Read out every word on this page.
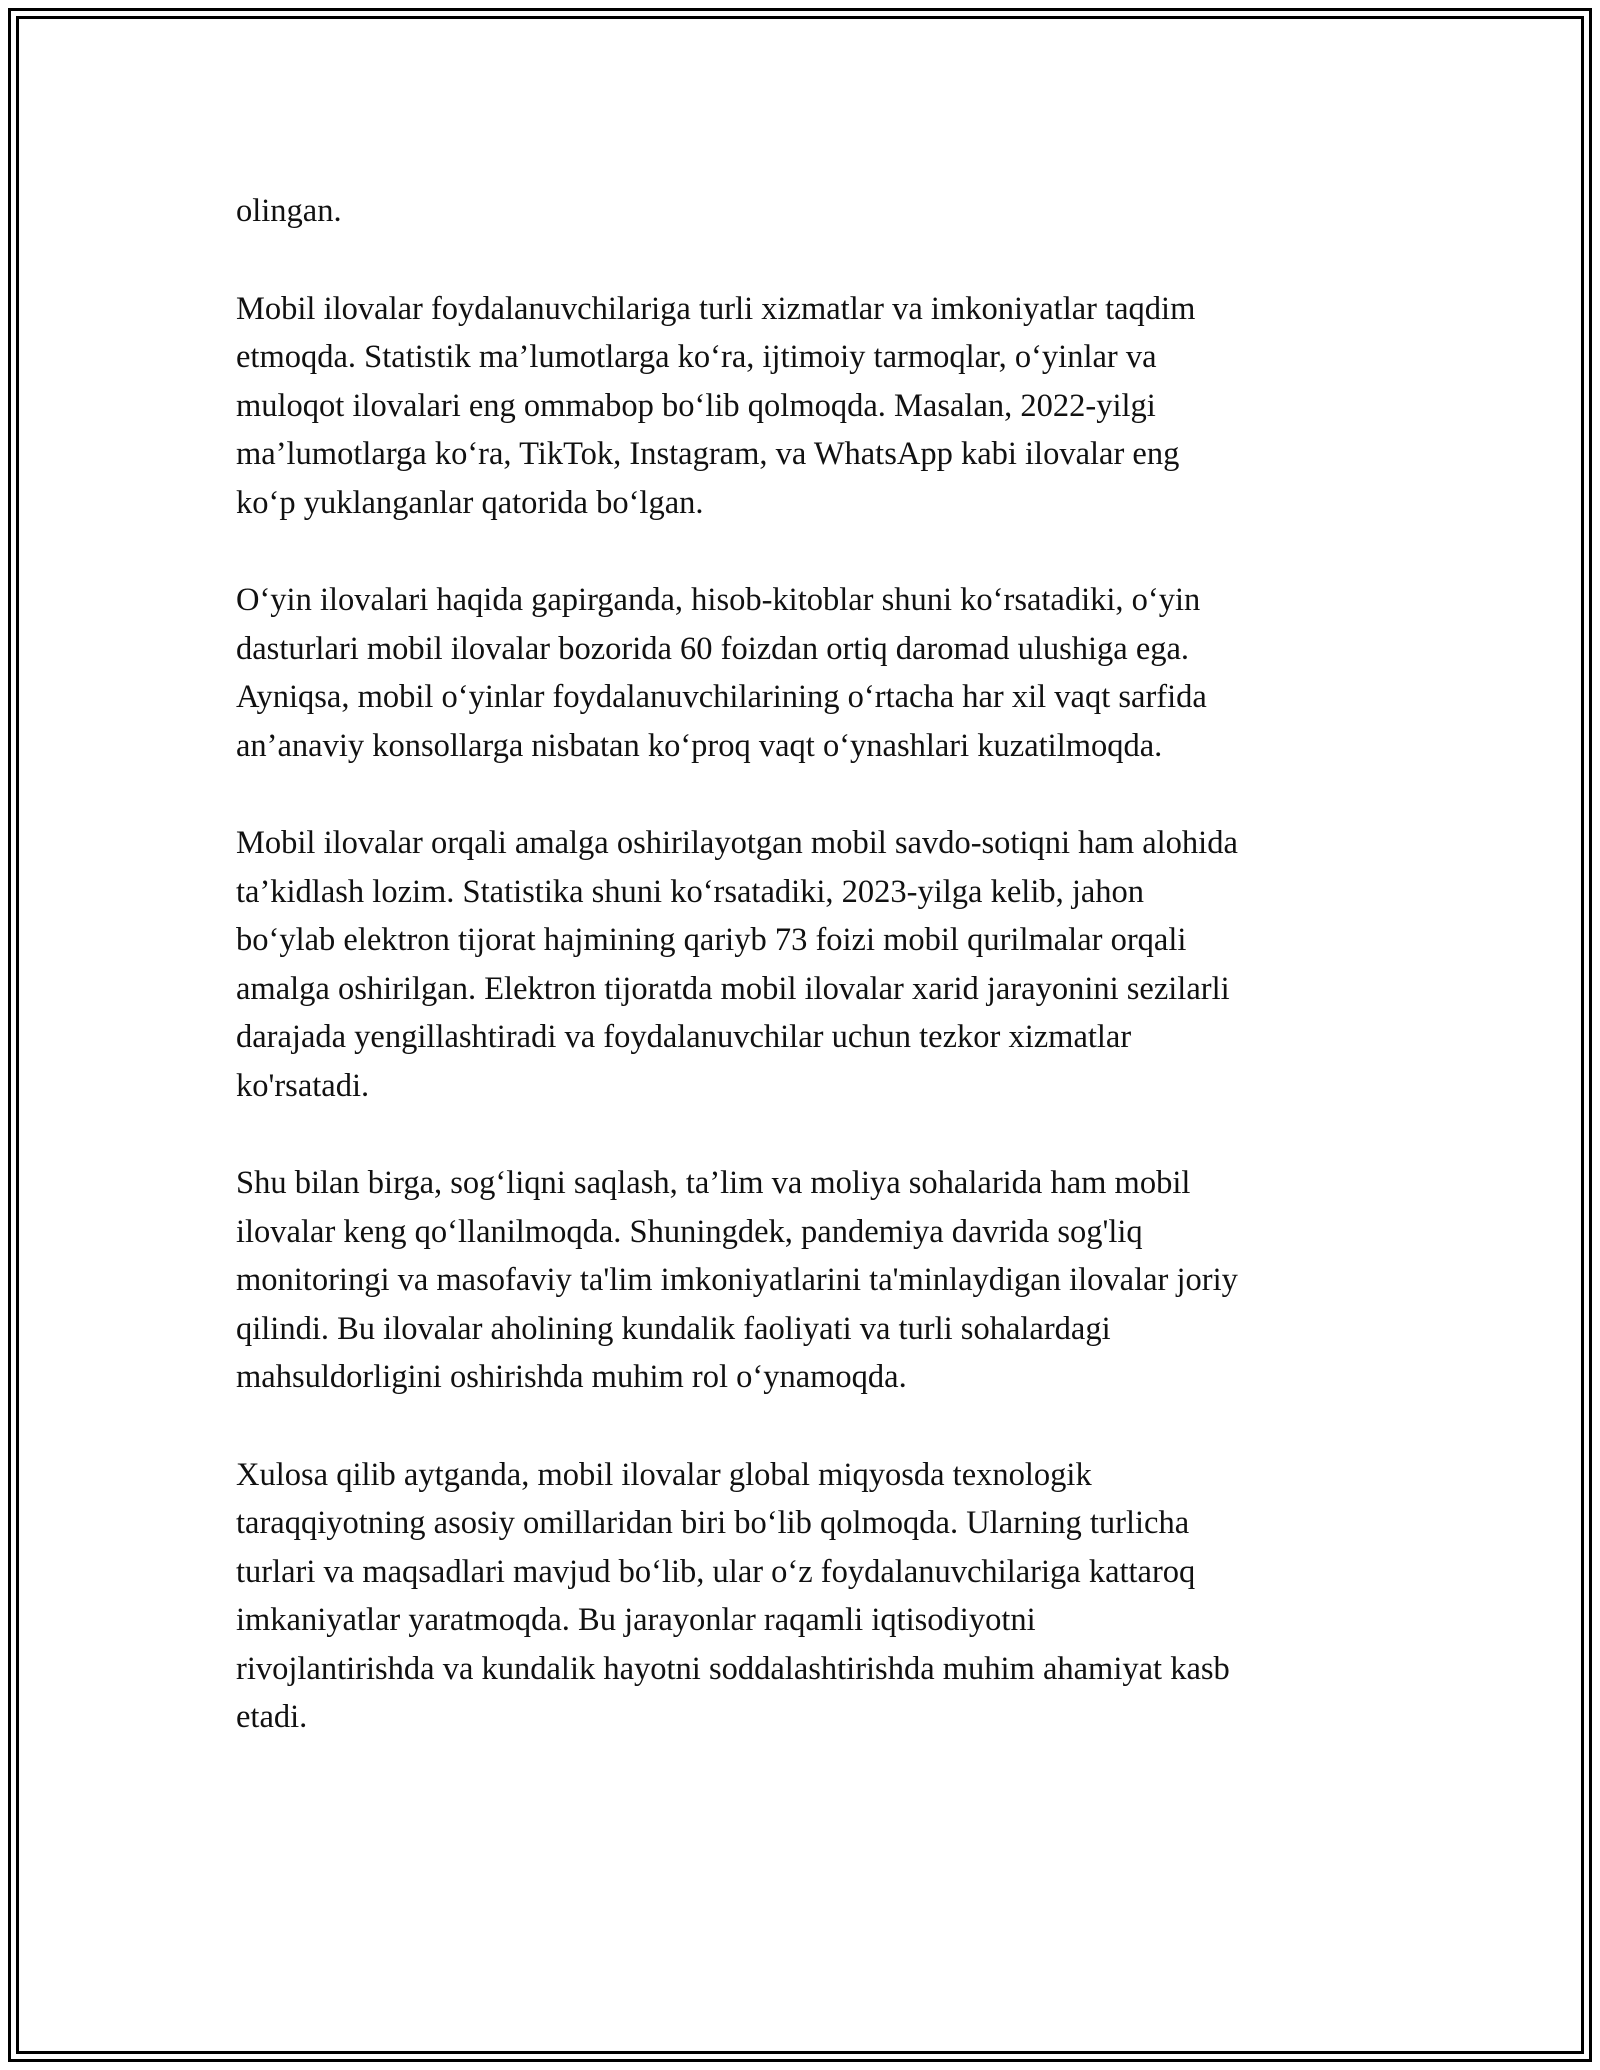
olingan.

Mobil ilovalar foydalanuvchilariga turli xizmatlar va imkoniyatlar taqdim
etmoqda. Statistik ma’lumotlarga ko‘ra, ijtimoiy tarmoqlar, o‘yinlar va
muloqot ilovalari eng ommabop bo‘lib qolmoqda. Masalan, 2022-yilgi
ma’lumotlarga ko‘ra, TikTok, Instagram, va WhatsApp kabi ilovalar eng
ko‘p yuklanganlar qatorida bo‘lgan.

O‘yin ilovalari haqida gapirganda, hisob-kitoblar shuni ko‘rsatadiki, o‘yin
dasturlari mobil ilovalar bozorida 60 foizdan ortiq daromad ulushiga ega.
Ayniqsa, mobil o‘yinlar foydalanuvchilarining o‘rtacha har xil vaqt sarfida
an’anaviy konsollarga nisbatan ko‘proq vaqt o‘ynashlari kuzatilmoqda.

Mobil ilovalar orqali amalga oshirilayotgan mobil savdo-sotiqni ham alohida
ta’kidlash lozim. Statistika shuni ko‘rsatadiki, 2023-yilga kelib, jahon
bo‘ylab elektron tijorat hajmining qariyb 73 foizi mobil qurilmalar orqali
amalga oshirilgan. Elektron tijoratda mobil ilovalar xarid jarayonini sezilarli
darajada yengillashtiradi va foydalanuvchilar uchun tezkor xizmatlar
ko'rsatadi.

Shu bilan birga, sog‘liqni saqlash, ta’lim va moliya sohalarida ham mobil
ilovalar keng qo‘llanilmoqda. Shuningdek, pandemiya davrida sog'liq
monitoringi va masofaviy ta'lim imkoniyatlarini ta'minlaydigan ilovalar joriy
qilindi. Bu ilovalar aholining kundalik faoliyati va turli sohalardagi
mahsuldorligini oshirishda muhim rol o‘ynamoqda.

Xulosa qilib aytganda, mobil ilovalar global miqyosda texnologik
taraqqiyotning asosiy omillaridan biri bo‘lib qolmoqda. Ularning turlicha
turlari va maqsadlari mavjud bo‘lib, ular o‘z foydalanuvchilariga kattaroq
imkaniyatlar yaratmoqda. Bu jarayonlar raqamli iqtisodiyotni
rivojlantirishda va kundalik hayotni soddalashtirishda muhim ahamiyat kasb
etadi.
